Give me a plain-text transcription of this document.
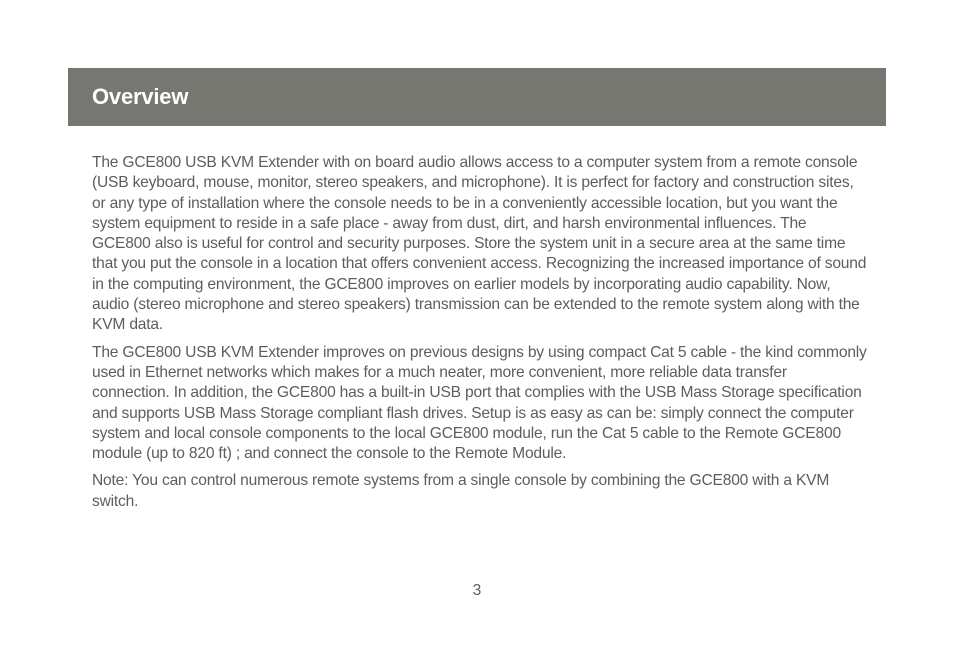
Overview

The GCE800 USB KVM Extender with on board audio allows access to a computer system from a remote console (USB keyboard, mouse, monitor, stereo speakers, and microphone). It is perfect for factory and construction sites, or any type of installation where the console needs to be in a conveniently accessible location, but you want the system equipment to reside in a safe place - away from dust, dirt, and harsh environmental influences. The GCE800 also is useful for control and security purposes. Store the system unit in a secure area at the same time that you put the console in a location that offers convenient access. Recognizing the increased importance of sound in the computing environment, the GCE800 improves on earlier models by incorporating audio capability. Now, audio (stereo microphone and stereo speakers) transmission can be extended to the remote system along with the KVM data.

The GCE800 USB KVM Extender improves on previous designs by using compact Cat 5 cable - the kind commonly used in Ethernet networks which makes for a much neater, more convenient, more reliable data transfer connection. In addition, the GCE800 has a built-in USB port that complies with the USB Mass Storage specification and supports USB Mass Storage compliant flash drives. Setup is as easy as can be: simply connect the computer system and local console components to the local GCE800 module, run the Cat 5 cable to the Remote GCE800 module (up to 820 ft) ; and connect the console to the Remote Module.

Note: You can control numerous remote systems from a single console by combining the GCE800 with a KVM switch.

3
